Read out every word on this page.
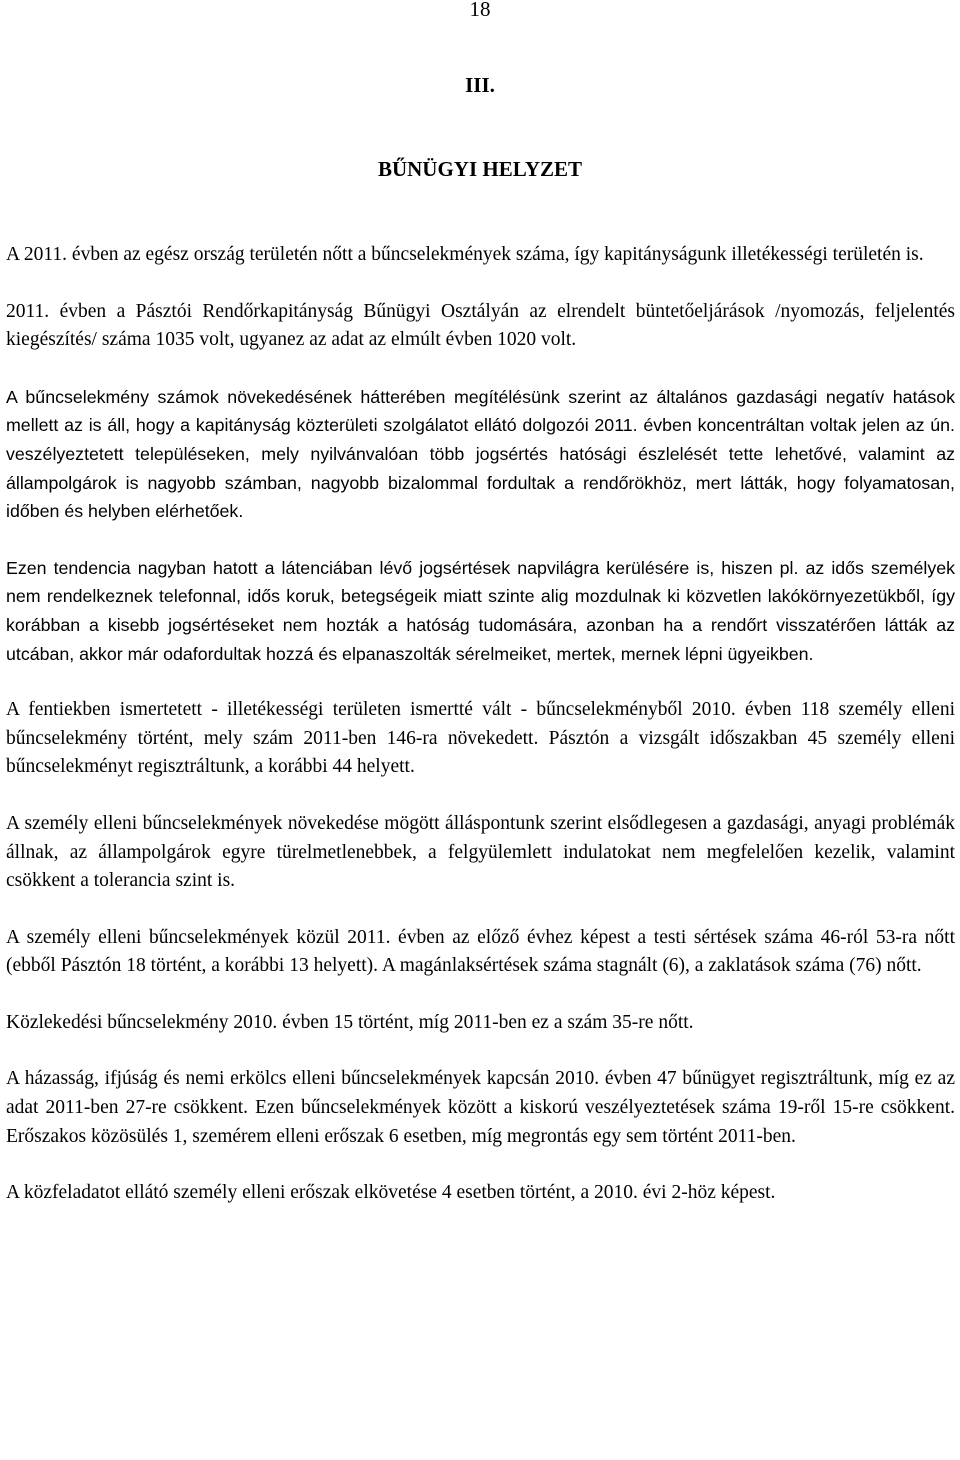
18
III.
BŰNÜGYI HELYZET

A 2011. évben az egész ország területén nőtt a bűncselekmények száma, így kapitányságunk illetékességi területén is.

2011. évben a Pásztói Rendőrkapitányság Bűnügyi Osztályán az elrendelt büntetőeljárások /nyomozás, feljelentés kiegészítés/ száma 1035 volt, ugyanez az adat az elmúlt évben 1020 volt.

A bűncselekmény számok növekedésének hátterében megítélésünk szerint az általános gazdasági negatív hatások mellett az is áll, hogy a kapitányság közterületi szolgálatot ellátó dolgozói 2011. évben koncentráltan voltak jelen az ún. veszélyeztetett településeken, mely nyilvánvalóan több jogsértés hatósági észlelését tette lehetővé, valamint az állampolgárok is nagyobb számban, nagyobb bizalommal fordultak a rendőrökhöz, mert látták, hogy folyamatosan, időben és helyben elérhetőek.

Ezen tendencia nagyban hatott a látenciában lévő jogsértések napvilágra kerülésére is, hiszen pl. az idős személyek nem rendelkeznek telefonnal, idős koruk, betegségeik miatt szinte alig mozdulnak ki közvetlen lakókörnyezetükből, így korábban a kisebb jogsértéseket nem hozták a hatóság tudomására, azonban ha a rendőrt visszatérően látták az utcában, akkor már odafordultak hozzá és elpanaszolták sérelmeiket, mertek, mernek lépni ügyeikben.

A fentiekben ismertetett - illetékességi területen ismertté vált - bűncselekményből 2010. évben 118 személy elleni bűncselekmény történt, mely szám 2011-ben 146-ra növekedett. Pásztón a vizsgált időszakban 45 személy elleni bűncselekményt regisztráltunk, a korábbi 44 helyett.

A személy elleni bűncselekmények növekedése mögött álláspontunk szerint elsődlegesen a gazdasági, anyagi problémák állnak, az állampolgárok egyre türelmetlenebbek, a felgyülemlett indulatokat nem megfelelően kezelik, valamint csökkent a tolerancia szint is.

A személy elleni bűncselekmények közül 2011. évben az előző évhez képest a testi sértések száma 46-ról 53-ra nőtt (ebből Pásztón 18 történt, a korábbi 13 helyett). A magánlaksértések száma stagnált (6), a zaklatások száma (76) nőtt.

Közlekedési bűncselekmény 2010. évben 15 történt, míg 2011-ben ez a szám 35-re nőtt.

A házasság, ifjúság és nemi erkölcs elleni bűncselekmények kapcsán 2010. évben 47 bűnügyet regisztráltunk, míg ez az adat 2011-ben 27-re csökkent. Ezen bűncselekmények között a kiskorú veszélyeztetések száma 19-ről 15-re csökkent. Erőszakos közösülés 1, szemérem elleni erőszak 6 esetben, míg megrontás egy sem történt 2011-ben.

A közfeladatot ellátó személy elleni erőszak elkövetése 4 esetben történt, a 2010. évi 2-höz képest.
